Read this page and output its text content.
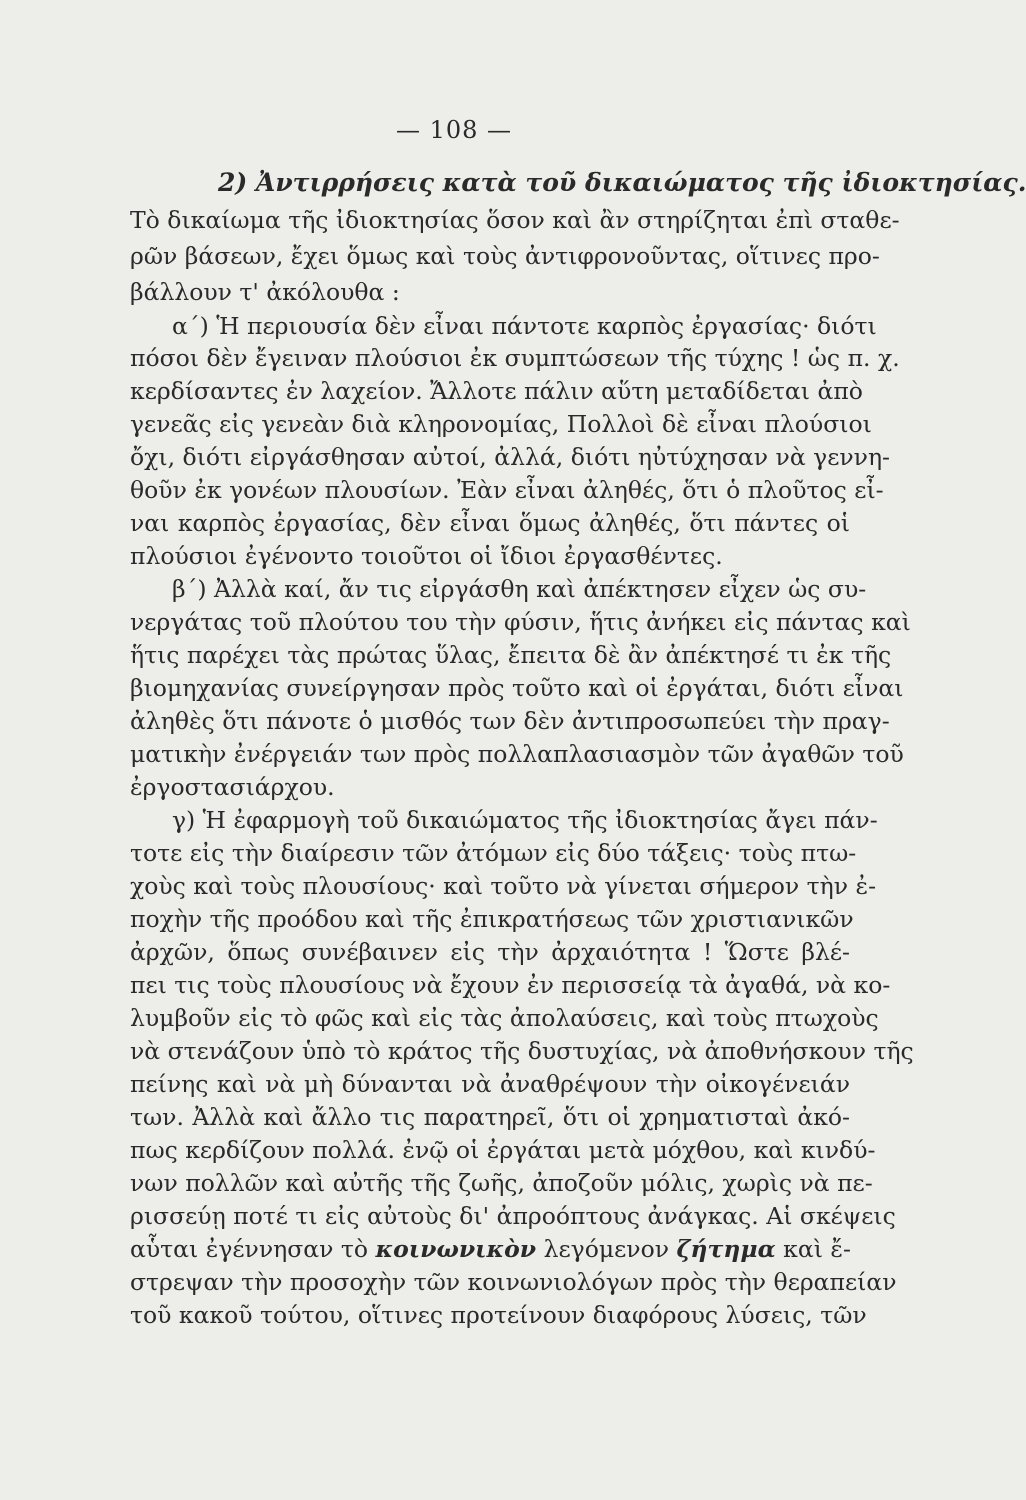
— 108 —
2) Ἀντιρρήσεις κατὰ τοῦ δικαιώματος τῆς ἰδιοκτησίας.
Τὸ δικαίωμα τῆς ἰδιοκτησίας ὅσον καὶ ἂν στηρίζηται ἐπὶ σταθε-
ρῶν βάσεων, ἔχει ὅμως καὶ τοὺς ἀντιφρονοῦντας, οἵτινες προ-
βάλλουν τ' ἀκόλουθα :
α΄) Ἡ περιουσία δὲν εἶναι πάντοτε καρπὸς ἐργασίας· διότι
πόσοι δὲν ἔγειναν πλούσιοι ἐκ συμπτώσεων τῆς τύχης ! ὡς π. χ.
κερδίσαντες ἐν λαχείον. Ἄλλοτε πάλιν αὕτη μεταδίδεται ἀπὸ
γενεᾶς εἰς γενεὰν διὰ κληρονομίας, Πολλοὶ δὲ εἶναι πλούσιοι
ὄχι, διότι εἰργάσθησαν αὐτοί, ἀλλά, διότι ηὐτύχησαν νὰ γεννη-
θοῦν ἐκ γονέων πλουσίων. Ἐὰν εἶναι ἀληθές, ὅτι ὁ πλοῦτος εἶ-
ναι καρπὸς ἐργασίας, δὲν εἶναι ὅμως ἀληθές, ὅτι πάντες οἱ
πλούσιοι ἐγένοντο τοιοῦτοι οἱ ἴδιοι ἐργασθέντες.
β΄) Ἀλλὰ καί, ἄν τις εἰργάσθη καὶ ἀπέκτησεν εἶχεν ὡς συ-
νεργάτας τοῦ πλούτου του τὴν φύσιν, ἥτις ἀνήκει εἰς πάντας καὶ
ἥτις παρέχει τὰς πρώτας ὕλας, ἔπειτα δὲ ἂν ἀπέκτησέ τι ἐκ τῆς
βιομηχανίας συνείργησαν πρὸς τοῦτο καὶ οἱ ἐργάται, διότι εἶναι
ἀληθὲς ὅτι πάνοτε ὁ μισθός των δὲν ἀντιπροσωπεύει τὴν πραγ-
ματικὴν ἐνέργειάν των πρὸς πολλαπλασιασμὸν τῶν ἀγαθῶν τοῦ
ἐργοστασιάρχου.
γ) Ἡ ἐφαρμογὴ τοῦ δικαιώματος τῆς ἰδιοκτησίας ἄγει πάν-
τοτε εἰς τὴν διαίρεσιν τῶν ἀτόμων εἰς δύο τάξεις· τοὺς πτω-
χοὺς καὶ τοὺς πλουσίους· καὶ τοῦτο νὰ γίνεται σήμερον τὴν ἐ-
ποχὴν τῆς προόδου καὶ τῆς ἐπικρατήσεως τῶν χριστιανικῶν
ἀρχῶν, ὅπως συνέβαινεν εἰς τὴν ἀρχαιότητα ! Ὥστε βλέ-
πει τις τοὺς πλουσίους νὰ ἔχουν ἐν περισσείᾳ τὰ ἀγαθά, νὰ κο-
λυμβοῦν εἰς τὸ φῶς καὶ εἰς τὰς ἀπολαύσεις, καὶ τοὺς πτωχοὺς
νὰ στενάζουν ὑπὸ τὸ κράτος τῆς δυστυχίας, νὰ ἀποθνήσκουν τῆς
πείνης καὶ νὰ μὴ δύνανται νὰ ἀναθρέψουν τὴν οἰκογένειάν
των. Ἀλλὰ καὶ ἄλλο τις παρατηρεῖ, ὅτι οἱ χρηματισταὶ ἀκό-
πως κερδίζουν πολλά. ἐνῷ οἱ ἐργάται μετὰ μόχθου, καὶ κινδύ-
νων πολλῶν καὶ αὐτῆς τῆς ζωῆς, ἀποζοῦν μόλις, χωρὶς νὰ πε-
ρισσεύῃ ποτέ τι εἰς αὐτοὺς δι' ἀπροόπτους ἀνάγκας. Αἱ σκέψεις
αὗται ἐγέννησαν τὸ κοινωνικὸν λεγόμενον ζήτημα καὶ ἔ-
στρεψαν τὴν προσοχὴν τῶν κοινωνιολόγων πρὸς τὴν θεραπείαν
τοῦ κακοῦ τούτου, οἵτινες προτείνουν διαφόρους λύσεις, τῶν
